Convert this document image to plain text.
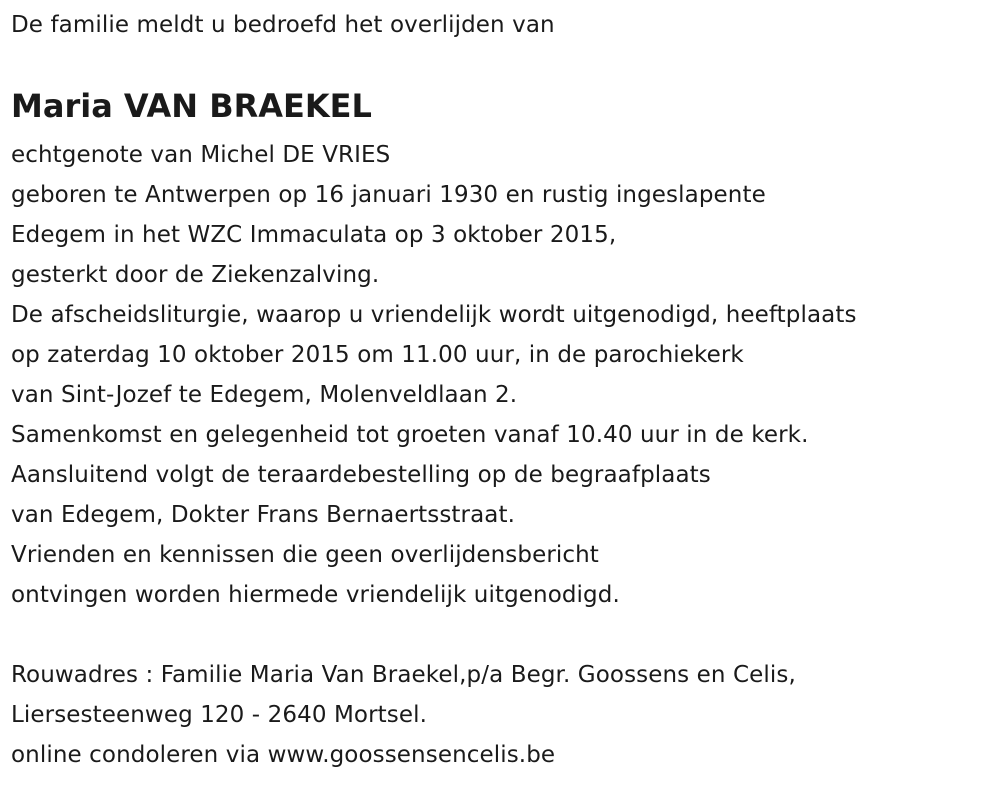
De familie meldt u bedroefd het overlijden van
Maria VAN BRAEKEL
echtgenote van Michel DE VRIES
geboren te Antwerpen op 16 januari 1930 en rustig ingeslapente
Edegem in het WZC Immaculata op 3 oktober 2015,
gesterkt door de Ziekenzalving.
De afscheidsliturgie, waarop u vriendelijk wordt uitgenodigd, heeftplaats
op zaterdag 10 oktober 2015 om 11.00 uur, in de parochiekerk
van Sint-Jozef te Edegem, Molenveldlaan 2.
Samenkomst en gelegenheid tot groeten vanaf 10.40 uur in de kerk.
Aansluitend volgt de teraardebestelling op de begraafplaats
van Edegem, Dokter Frans Bernaertsstraat.
Vrienden en kennissen die geen overlijdensbericht
ontvingen worden hiermede vriendelijk uitgenodigd.
Rouwadres : Familie Maria Van Braekel,p/a Begr. Goossens en Celis,
Liersesteenweg 120 - 2640 Mortsel.
online condoleren via www.goossensencelis.be
